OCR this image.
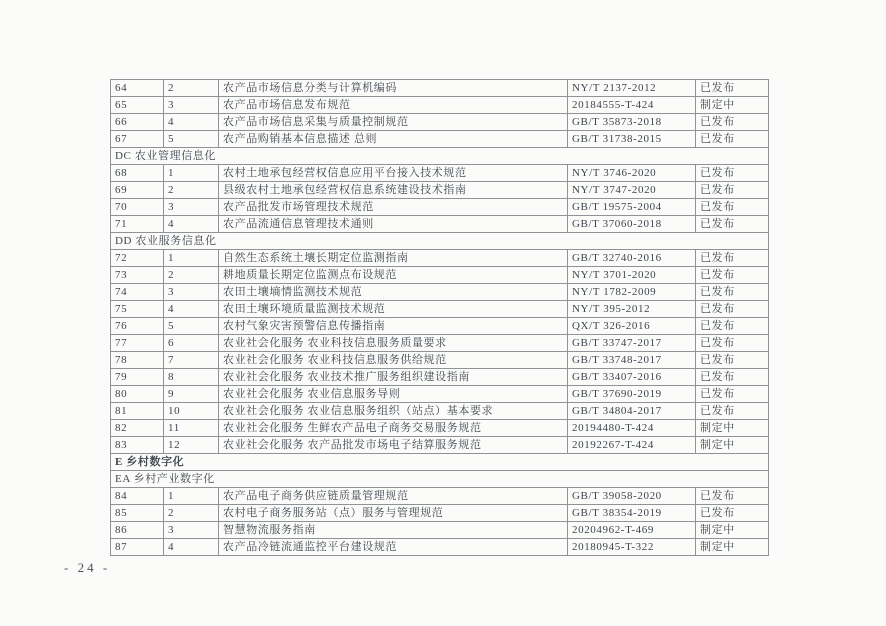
64	2	农产品市场信息分类与计算机编码	NY/T 2137-2012	已发布
65	3	农产品市场信息发布规范	20184555-T-424	制定中
66	4	农产品市场信息采集与质量控制规范	GB/T 35873-2018	已发布
67	5	农产品购销基本信息描述 总则	GB/T 31738-2015	已发布
DC 农业管理信息化				
68	1	农村土地承包经营权信息应用平台接入技术规范	NY/T 3746-2020	已发布
69	2	县级农村土地承包经营权信息系统建设技术指南	NY/T 3747-2020	已发布
70	3	农产品批发市场管理技术规范	GB/T 19575-2004	已发布
71	4	农产品流通信息管理技术通则	GB/T 37060-2018	已发布
DD 农业服务信息化				
72	1	自然生态系统土壤长期定位监测指南	GB/T 32740-2016	已发布
73	2	耕地质量长期定位监测点布设规范	NY/T 3701-2020	已发布
74	3	农田土壤墒情监测技术规范	NY/T 1782-2009	已发布
75	4	农田土壤环境质量监测技术规范	NY/T 395-2012	已发布
76	5	农村气象灾害预警信息传播指南	QX/T 326-2016	已发布
77	6	农业社会化服务 农业科技信息服务质量要求	GB/T 33747-2017	已发布
78	7	农业社会化服务 农业科技信息服务供给规范	GB/T 33748-2017	已发布
79	8	农业社会化服务 农业技术推广服务组织建设指南	GB/T 33407-2016	已发布
80	9	农业社会化服务 农业信息服务导则	GB/T 37690-2019	已发布
81	10	农业社会化服务 农业信息服务组织（站点）基本要求	GB/T 34804-2017	已发布
82	11	农业社会化服务 生鲜农产品电子商务交易服务规范	20194480-T-424	制定中
83	12	农业社会化服务 农产品批发市场电子结算服务规范	20192267-T-424	制定中
E 乡村数字化				
EA 乡村产业数字化				
84	1	农产品电子商务供应链质量管理规范	GB/T 39058-2020	已发布
85	2	农村电子商务服务站（点）服务与管理规范	GB/T 38354-2019	已发布
86	3	智慧物流服务指南	20204962-T-469	制定中
87	4	农产品冷链流通监控平台建设规范	20180945-T-322	制定中
- 24 -
